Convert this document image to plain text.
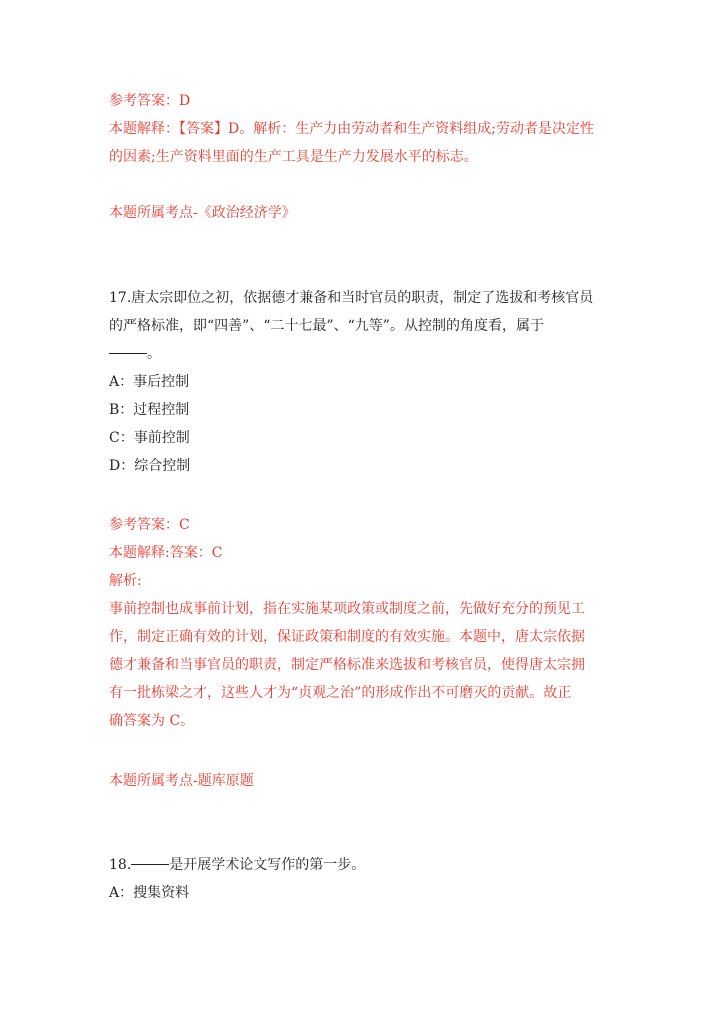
参考答案：D
本题解释：【答案】D。解析：生产力由劳动者和生产资料组成;劳动者是决定性
的因素;生产资料里面的生产工具是生产力发展水平的标志。
本题所属考点-《政治经济学》
17.唐太宗即位之初，依据德才兼备和当时官员的职责，制定了选拔和考核官员
的严格标准，即“四善”、“二十七最”、“九等”。从控制的角度看，属于
。
A：事后控制
B：过程控制
C：事前控制
D：综合控制
参考答案：C
本题解释:答案：C
解析:
事前控制也成事前计划，指在实施某项政策或制度之前，先做好充分的预见工
作，制定正确有效的计划，保证政策和制度的有效实施。本题中，唐太宗依据
德才兼备和当事官员的职责，制定严格标准来选拔和考核官员，使得唐太宗拥
有一批栋梁之才，这些人才为“贞观之治”的形成作出不可磨灭的贡献。故正
确答案为 C。
本题所属考点-题库原题
18.	是开展学术论文写作的第一步。
A：搜集资料
